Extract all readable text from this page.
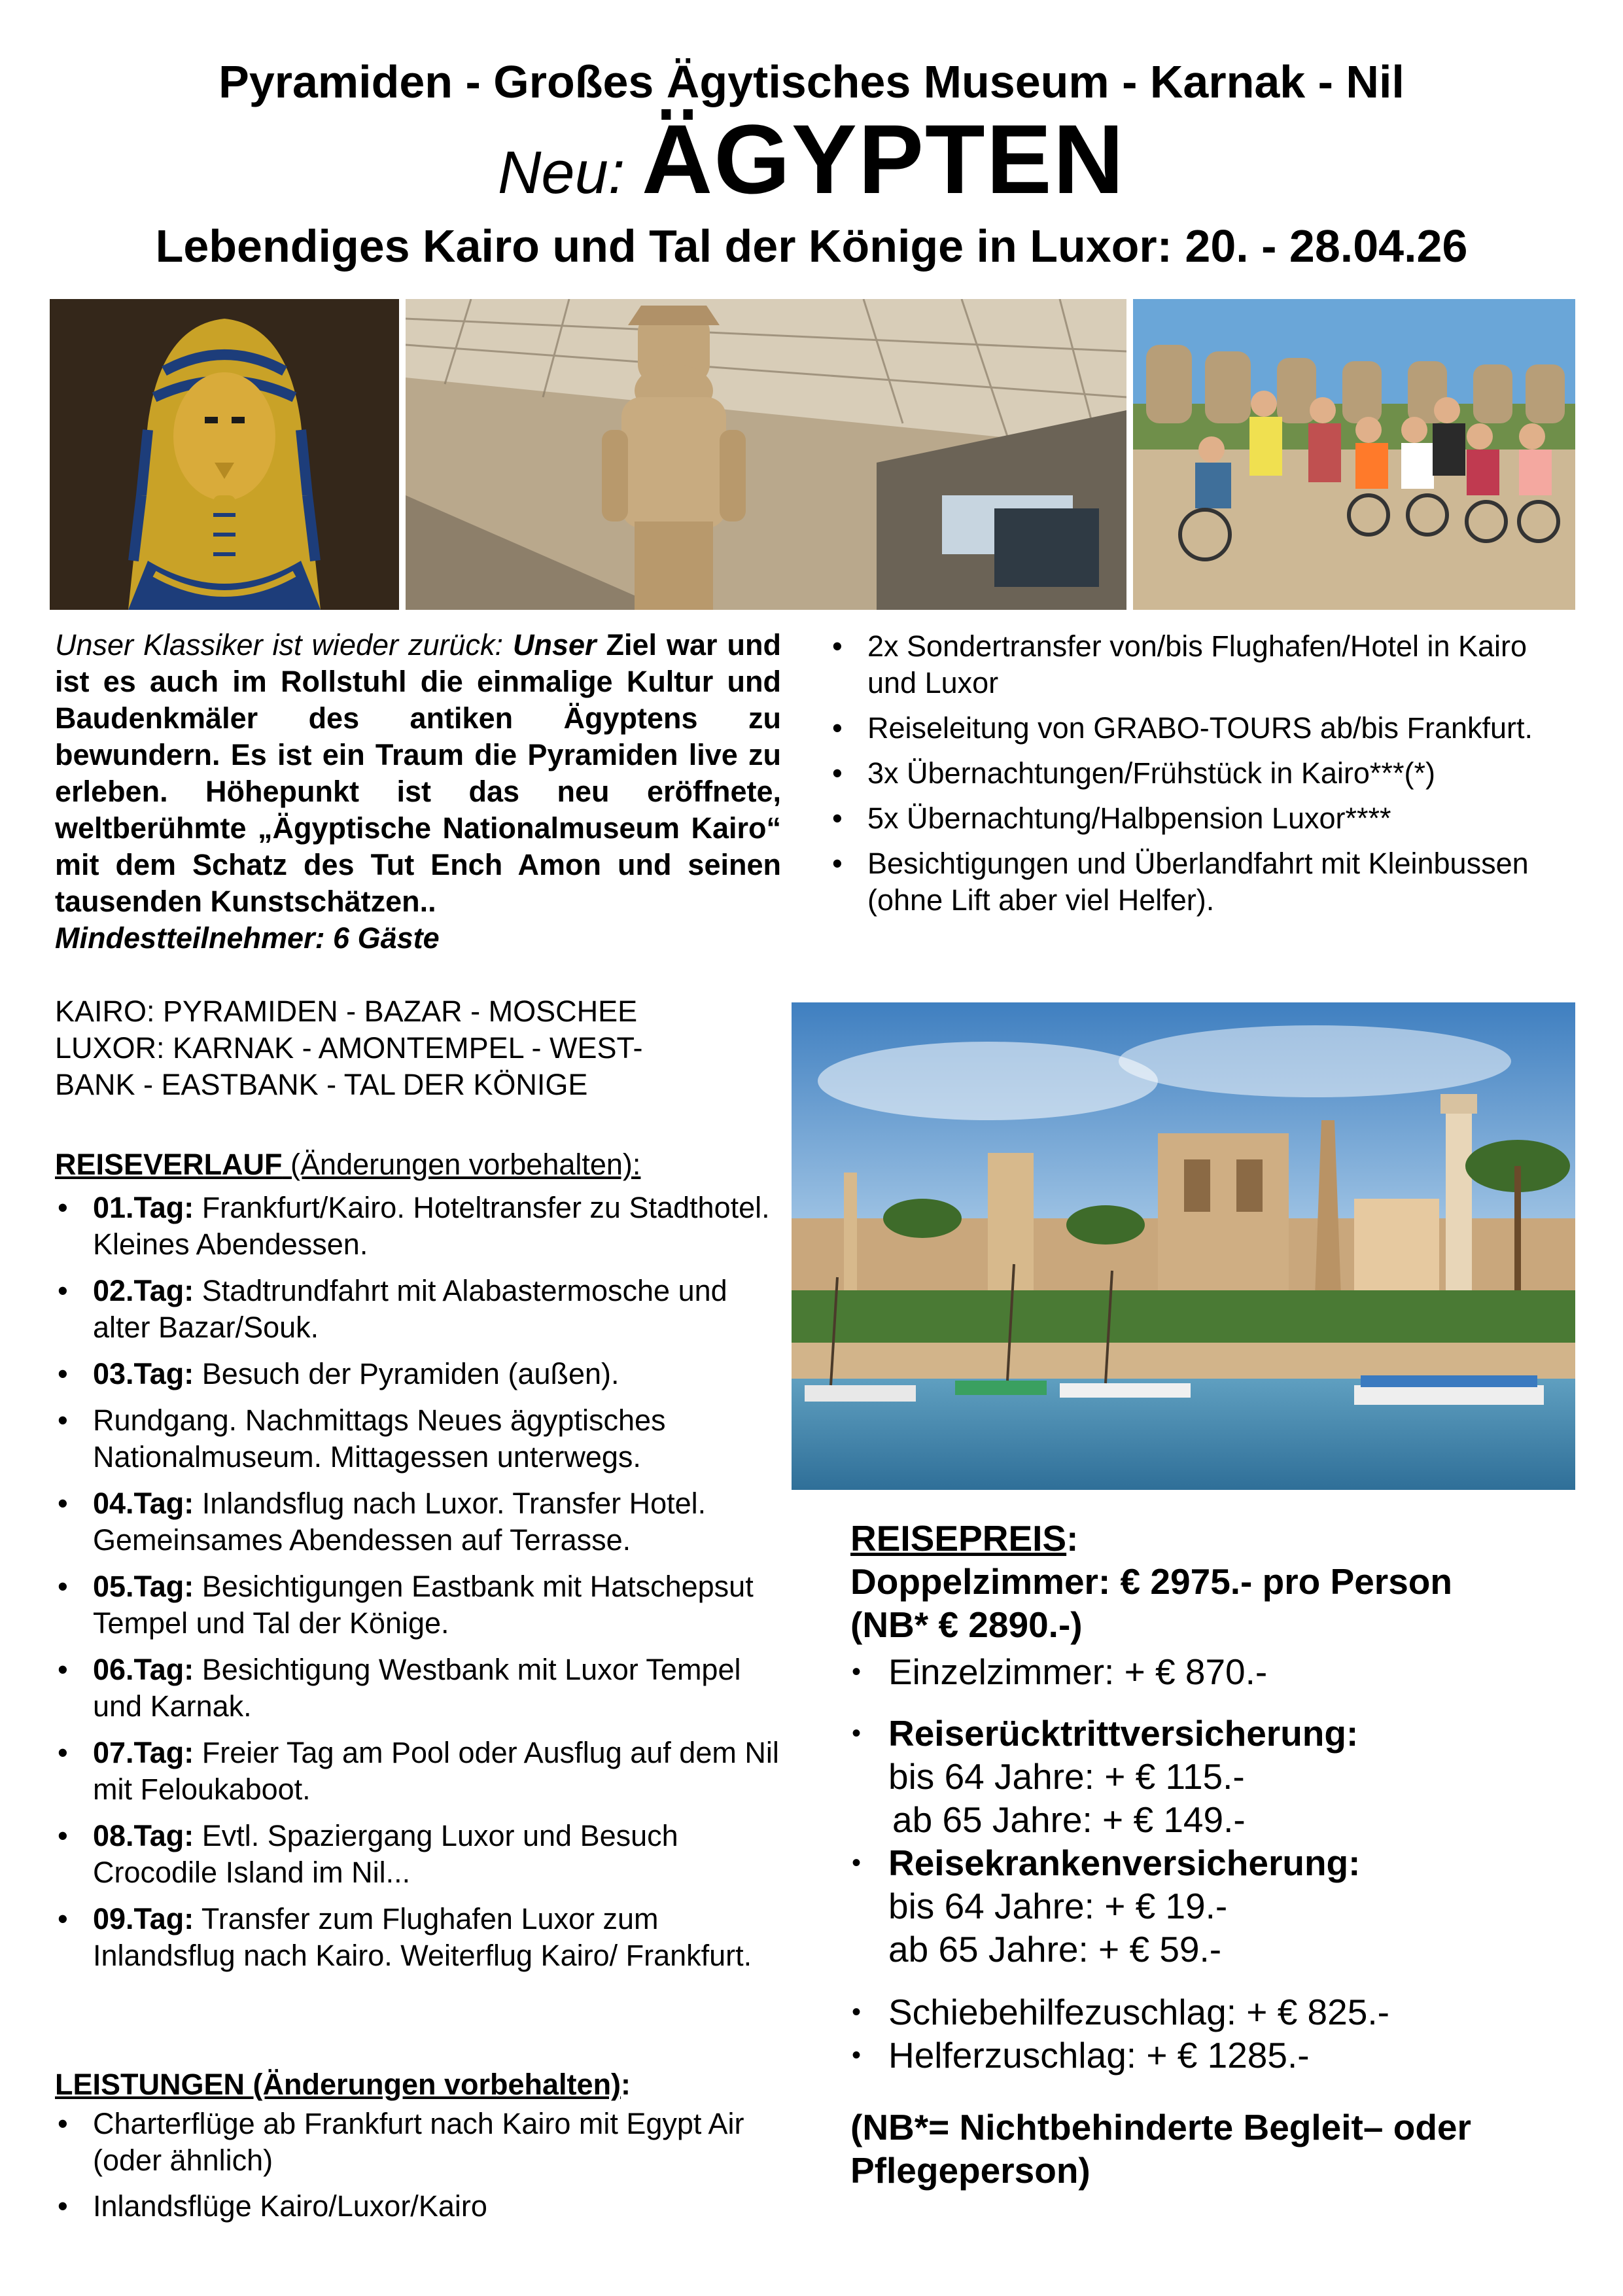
Pyramiden - Großes Ägytisches Museum - Karnak - Nil
Neu: ÄGYPTEN
Lebendiges Kairo und Tal der Könige in Luxor: 20. - 28.04.26
Unser Klassiker ist wieder zurück: Unser Ziel war und ist es auch im Rollstuhl die einmalige Kultur und Baudenkmäler des antiken Ägyptens zu bewundern. Es ist ein Traum die Pyramiden live zu erleben. Höhepunkt ist das neu eröffnete, weltberühmte „Ägyptische Nationalmuseum Kairo“ mit dem Schatz des Tut Ench Amon und seinen tausenden Kunstschätzen..
Mindestteilnehmer: 6 Gäste
KAIRO: PYRAMIDEN - BAZAR - MOSCHEE
LUXOR: KARNAK - AMONTEMPEL - WEST-
BANK - EASTBANK - TAL DER KÖNIGE
REISEVERLAUF (Änderungen vorbehalten):
• 01.Tag: Frankfurt/Kairo. Hoteltransfer zu Stadthotel. Kleines Abendessen.
• 02.Tag: Stadtrundfahrt mit Alabastermosche und alter Bazar/Souk.
• 03.Tag: Besuch der Pyramiden (außen).
• Rundgang. Nachmittags Neues ägyptisches Nationalmuseum. Mittagessen unterwegs.
• 04.Tag: Inlandsflug nach Luxor. Transfer Hotel. Gemeinsames Abendessen auf Terrasse.
• 05.Tag: Besichtigungen Eastbank mit Hatschepsut Tempel und Tal der Könige.
• 06.Tag: Besichtigung Westbank mit Luxor Tempel und Karnak.
• 07.Tag: Freier Tag am Pool oder Ausflug auf dem Nil mit Feloukaboot.
• 08.Tag: Evtl. Spaziergang Luxor und Besuch Crocodile Island im Nil...
• 09.Tag: Transfer zum Flughafen Luxor zum Inlandsflug nach Kairo. Weiterflug Kairo/ Frankfurt.
LEISTUNGEN (Änderungen vorbehalten):
• Charterflüge ab Frankfurt nach Kairo mit Egypt Air (oder ähnlich)
• Inlandsflüge Kairo/Luxor/Kairo
• 2x Sondertransfer von/bis Flughafen/Hotel in Kairo und Luxor
• Reiseleitung von GRABO-TOURS ab/bis Frankfurt.
• 3x Übernachtungen/Frühstück in Kairo***(*)
• 5x Übernachtung/Halbpension Luxor****
• Besichtigungen und Überlandfahrt mit Kleinbussen (ohne Lift aber viel Helfer).
REISEPREIS:
Doppelzimmer: € 2975.- pro Person
(NB* € 2890.-)
• Einzelzimmer: + € 870.-
• Reiserücktrittversicherung:
bis 64 Jahre: + € 115.-
ab 65 Jahre: + € 149.-
• Reisekrankenversicherung:
bis 64 Jahre: + € 19.-
ab 65 Jahre: + € 59.-
• Schiebehilfezuschlag: + € 825.-
• Helferzuschlag: + € 1285.-
(NB*= Nichtbehinderte Begleit– oder Pflegeperson)
